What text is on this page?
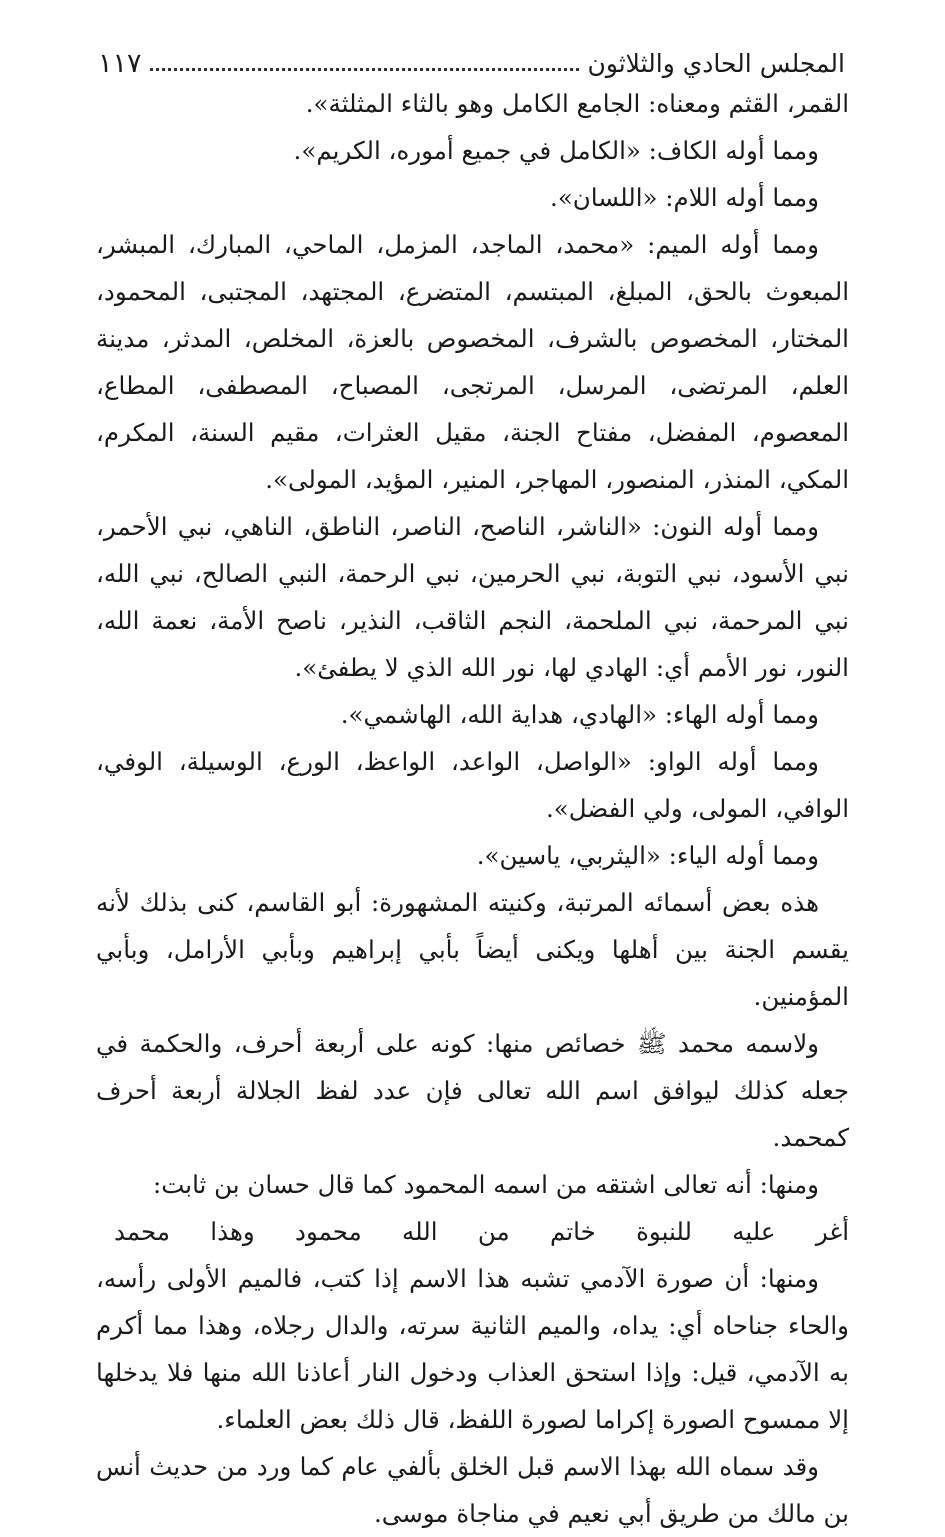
المجلس الحادي والثلاثون
١١٧

القمر، القثم ومعناه: الجامع الكامل وهو بالثاء المثلثة».

ومما أوله الكاف: «الكامل في جميع أموره، الكريم».

ومما أوله اللام: «اللسان».

ومما أوله الميم: «محمد، الماجد، المزمل، الماحي، المبارك، المبشر، المبعوث بالحق، المبلغ، المبتسم، المتضرع، المجتهد، المجتبى، المحمود، المختار، المخصوص بالشرف، المخصوص بالعزة، المخلص، المدثر، مدينة العلم، المرتضى، المرسل، المرتجى، المصباح، المصطفى، المطاع، المعصوم، المفضل، مفتاح الجنة، مقيل العثرات، مقيم السنة، المكرم، المكي، المنذر، المنصور، المهاجر، المنير، المؤيد، المولى».

ومما أوله النون: «الناشر، الناصح، الناصر، الناطق، الناهي، نبي الأحمر، نبي الأسود، نبي التوبة، نبي الحرمين، نبي الرحمة، النبي الصالح، نبي الله، نبي المرحمة، نبي الملحمة، النجم الثاقب، النذير، ناصح الأمة، نعمة الله، النور، نور الأمم أي: الهادي لها، نور الله الذي لا يطفئ».

ومما أوله الهاء: «الهادي، هداية الله، الهاشمي».

ومما أوله الواو: «الواصل، الواعد، الواعظ، الورع، الوسيلة، الوفي، الوافي، المولى، ولي الفضل».

ومما أوله الياء: «اليثربي، ياسين».

هذه بعض أسمائه المرتبة، وكنيته المشهورة: أبو القاسم، كنى بذلك لأنه يقسم الجنة بين أهلها ويكنى أيضاً بأبي إبراهيم وبأبي الأرامل، وبأبي المؤمنين.

ولاسمه محمد ﷺ خصائص منها: كونه على أربعة أحرف، والحكمة في جعله كذلك ليوافق اسم الله تعالى فإن عدد لفظ الجلالة أربعة أحرف كمحمد.

ومنها: أنه تعالى اشتقه من اسمه المحمود كما قال حسان بن ثابت:

أغر
عليه
للنبوة
خاتم
من
الله
محمود
وهذا
محمد

ومنها: أن صورة الآدمي تشبه هذا الاسم إذا كتب، فالميم الأولى رأسه، والحاء جناحاه أي: يداه، والميم الثانية سرته، والدال رجلاه، وهذا مما أكرم به الآدمي، قيل: وإذا استحق العذاب ودخول النار أعاذنا الله منها فلا يدخلها إلا ممسوح الصورة إكراما لصورة اللفظ، قال ذلك بعض العلماء.

وقد سماه الله بهذا الاسم قبل الخلق بألفي عام كما ورد من حديث أنس بن مالك من طريق أبي نعيم في مناجاة موسى.
